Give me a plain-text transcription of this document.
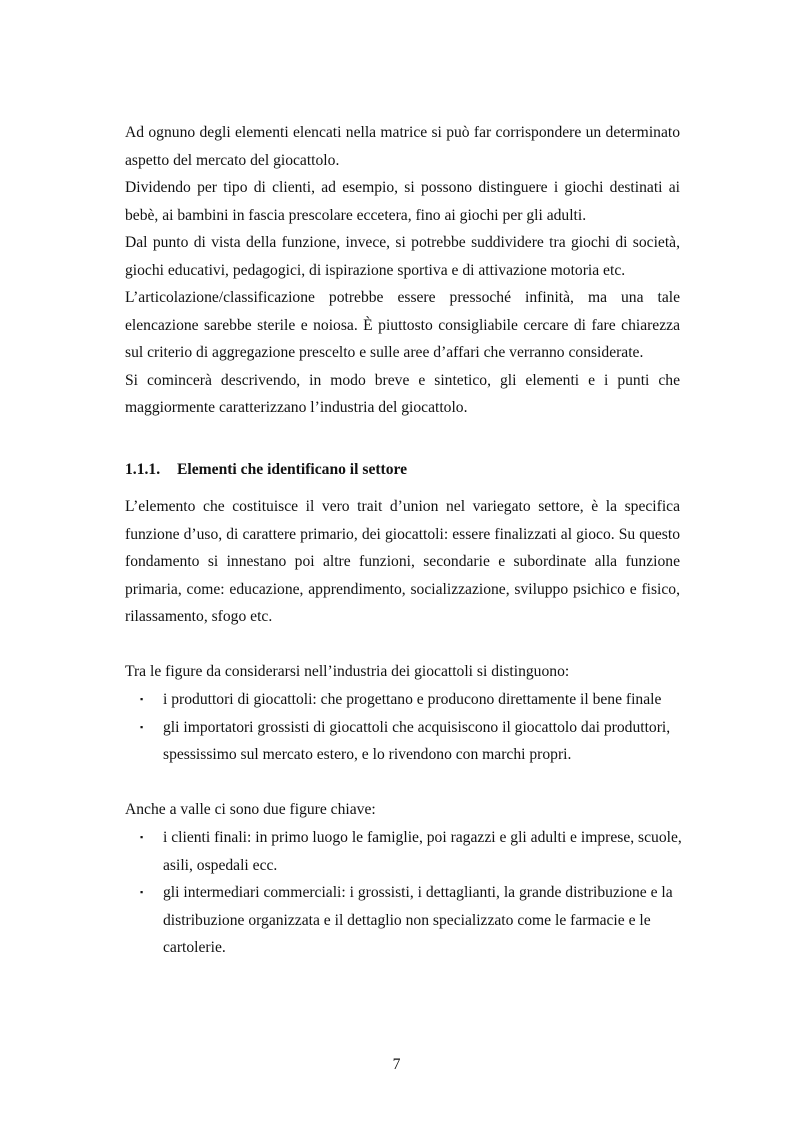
Ad ognuno degli elementi elencati nella matrice si può far corrispondere un determinato aspetto del mercato del giocattolo.

Dividendo per tipo di clienti, ad esempio, si possono distinguere i giochi destinati ai bebè, ai bambini in fascia prescolare eccetera, fino ai giochi per gli adulti.

Dal punto di vista della funzione, invece, si potrebbe suddividere tra giochi di società, giochi educativi, pedagogici, di ispirazione sportiva e di attivazione motoria etc.

L’articolazione/classificazione potrebbe essere pressoché infinità, ma una tale elencazione sarebbe sterile e noiosa. È piuttosto consigliabile cercare di fare chiarezza sul criterio di aggregazione prescelto e sulle aree d’affari che verranno considerate.

Si comincerà descrivendo, in modo breve e sintetico, gli elementi e i punti che maggiormente caratterizzano l’industria del giocattolo.

1.1.1. Elementi che identificano il settore

L’elemento che costituisce il vero trait d’union nel variegato settore, è la specifica funzione d’uso, di carattere primario, dei giocattoli: essere finalizzati al gioco. Su questo fondamento si innestano poi altre funzioni, secondarie e subordinate alla funzione primaria, come: educazione, apprendimento, socializzazione, sviluppo psichico e fisico, rilassamento, sfogo etc.

Tra le figure da considerarsi nell’industria dei giocattoli si distinguono:

▪ i produttori di giocattoli: che progettano e producono direttamente il bene finale
▪ gli importatori grossisti di giocattoli che acquisiscono il giocattolo dai produttori, spessissimo sul mercato estero, e lo rivendono con marchi propri.

Anche a valle ci sono due figure chiave:

▪ i clienti finali: in primo luogo le famiglie, poi ragazzi e gli adulti e imprese, scuole, asili, ospedali ecc.
▪ gli intermediari commerciali: i grossisti, i dettaglianti, la grande distribuzione e la distribuzione organizzata e il dettaglio non specializzato come le farmacie e le cartolerie.

7
